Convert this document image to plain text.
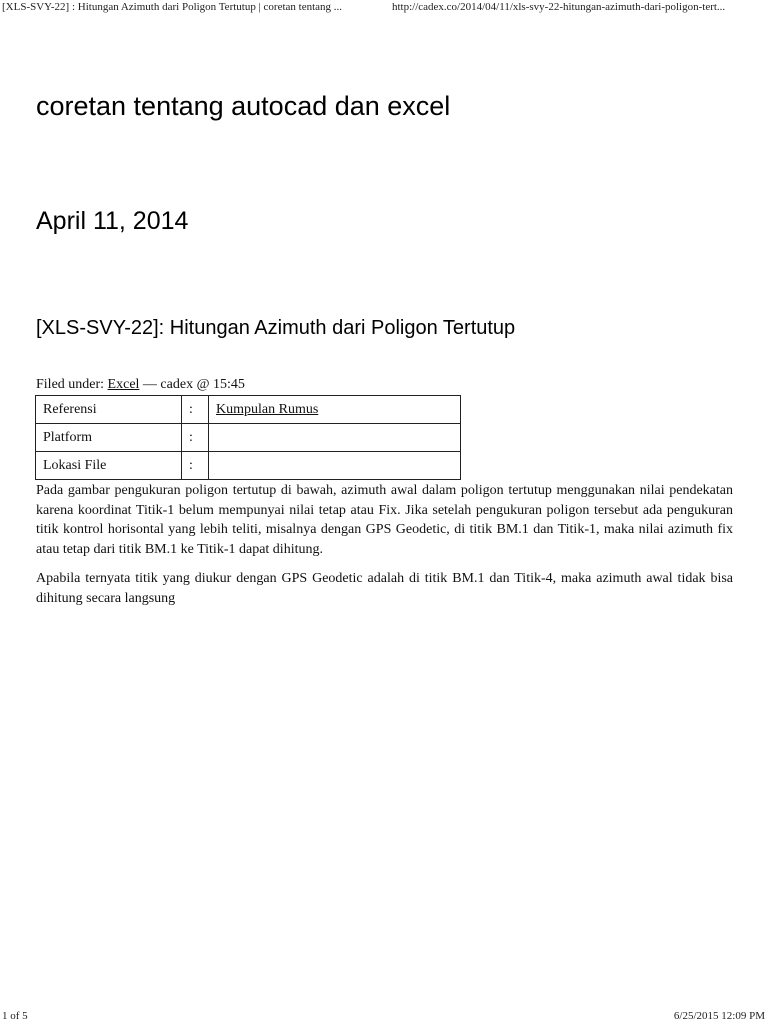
[XLS-SVY-22] : Hitungan Azimuth dari Poligon Tertutup | coretan tentang ...	http://cadex.co/2014/04/11/xls-svy-22-hitungan-azimuth-dari-poligon-tert...
coretan tentang autocad dan excel
April 11, 2014
[XLS-SVY-22]: Hitungan Azimuth dari Poligon Tertutup
Filed under: Excel — cadex @ 15:45
Referensi	:	Kumpulan Rumus
Platform	:	
Lokasi File	:	

Pada gambar pengukuran poligon tertutup di bawah, azimuth awal dalam poligon tertutup menggunakan nilai pendekatan karena koordinat Titik-1 belum mempunyai nilai tetap atau Fix. Jika setelah pengukuran poligon tersebut ada pengukuran titik kontrol horisontal yang lebih teliti, misalnya dengan GPS Geodetic, di titik BM.1 dan Titik-1, maka nilai azimuth fix atau tetap dari titik BM.1 ke Titik-1 dapat dihitung.

Apabila ternyata titik yang diukur dengan GPS Geodetic adalah di titik BM.1 dan Titik-4, maka azimuth awal tidak bisa dihitung secara langsung

1 of 5	6/25/2015 12:09 PM
